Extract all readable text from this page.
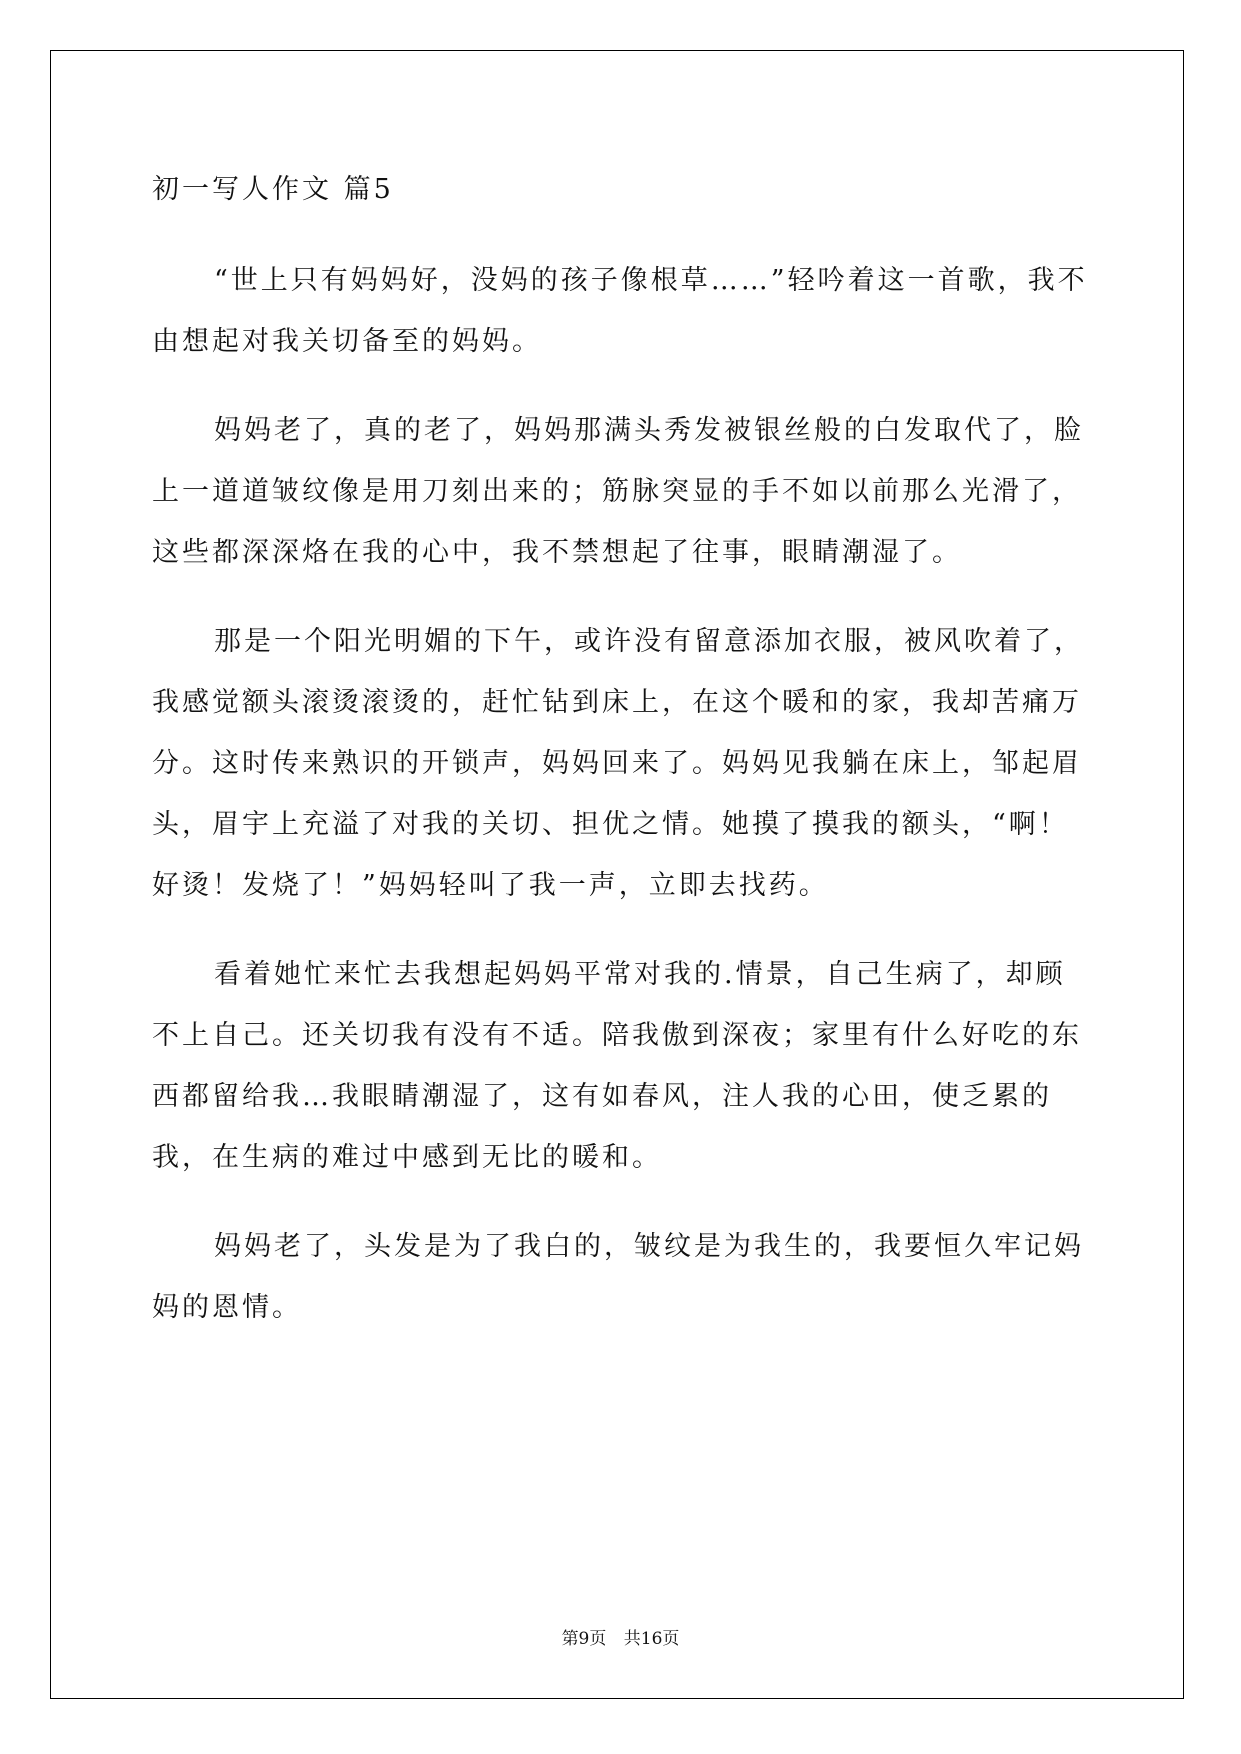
初一写人作文 篇5

“世上只有妈妈好，没妈的孩子像根草……”轻吟着这一首歌，我不由想起对我关切备至的妈妈。

妈妈老了，真的老了，妈妈那满头秀发被银丝般的白发取代了，脸上一道道皱纹像是用刀刻出来的；筋脉突显的手不如以前那么光滑了，这些都深深烙在我的心中，我不禁想起了往事，眼睛潮湿了。

那是一个阳光明媚的下午，或许没有留意添加衣服，被风吹着了，我感觉额头滚烫滚烫的，赶忙钻到床上，在这个暖和的家，我却苦痛万分。这时传来熟识的开锁声，妈妈回来了。妈妈见我躺在床上，邹起眉头，眉宇上充溢了对我的关切、担优之情。她摸了摸我的额头，“啊！好烫！发烧了！”妈妈轻叫了我一声，立即去找药。

看着她忙来忙去我想起妈妈平常对我的.情景，自己生病了，却顾不上自己。还关切我有没有不适。陪我傲到深夜；家里有什么好吃的东西都留给我…我眼睛潮湿了，这有如春风，注人我的心田，使乏累的我，在生病的难过中感到无比的暖和。

妈妈老了，头发是为了我白的，皱纹是为我生的，我要恒久牢记妈妈的恩情。

第9页 共16页
